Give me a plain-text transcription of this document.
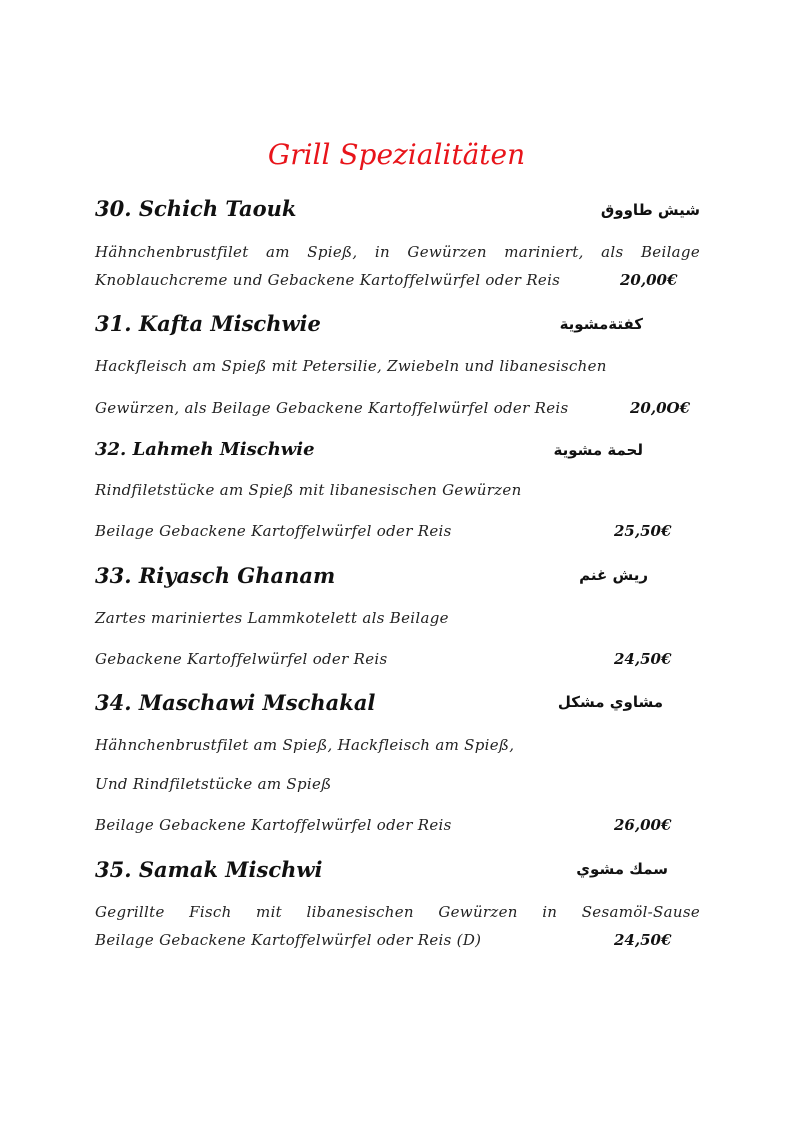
Grill Spezialitäten
30. Schich Taouk	شيش طاووق
Hähnchenbrustfilet am Spieß, in Gewürzen mariniert, als Beilage
Knoblauchcreme und Gebackene Kartoffelwürfel oder Reis	20,00€
31. Kafta Mischwie	كفتةمشوية
Hackfleisch am Spieß mit Petersilie, Zwiebeln und libanesischen
Gewürzen, als Beilage Gebackene Kartoffelwürfel oder Reis	20,0O€
32. Lahmeh Mischwie	لحمة مشوية
Rindfiletstücke am Spieß mit libanesischen Gewürzen
Beilage Gebackene Kartoffelwürfel oder Reis	25,50€
33. Riyasch Ghanam	ريش غنم
Zartes mariniertes Lammkotelett als Beilage
Gebackene Kartoffelwürfel oder Reis	24,50€
34. Maschawi Mschakal	مشاوي مشكل
Hähnchenbrustfilet am Spieß, Hackfleisch am Spieß,
Und Rindfiletstücke am Spieß
Beilage Gebackene Kartoffelwürfel oder Reis	26,00€
35. Samak Mischwi	سمك مشوي
Gegrillte Fisch mit libanesischen Gewürzen in Sesamöl-Sause
Beilage Gebackene Kartoffelwürfel oder Reis (D)	24,50€
